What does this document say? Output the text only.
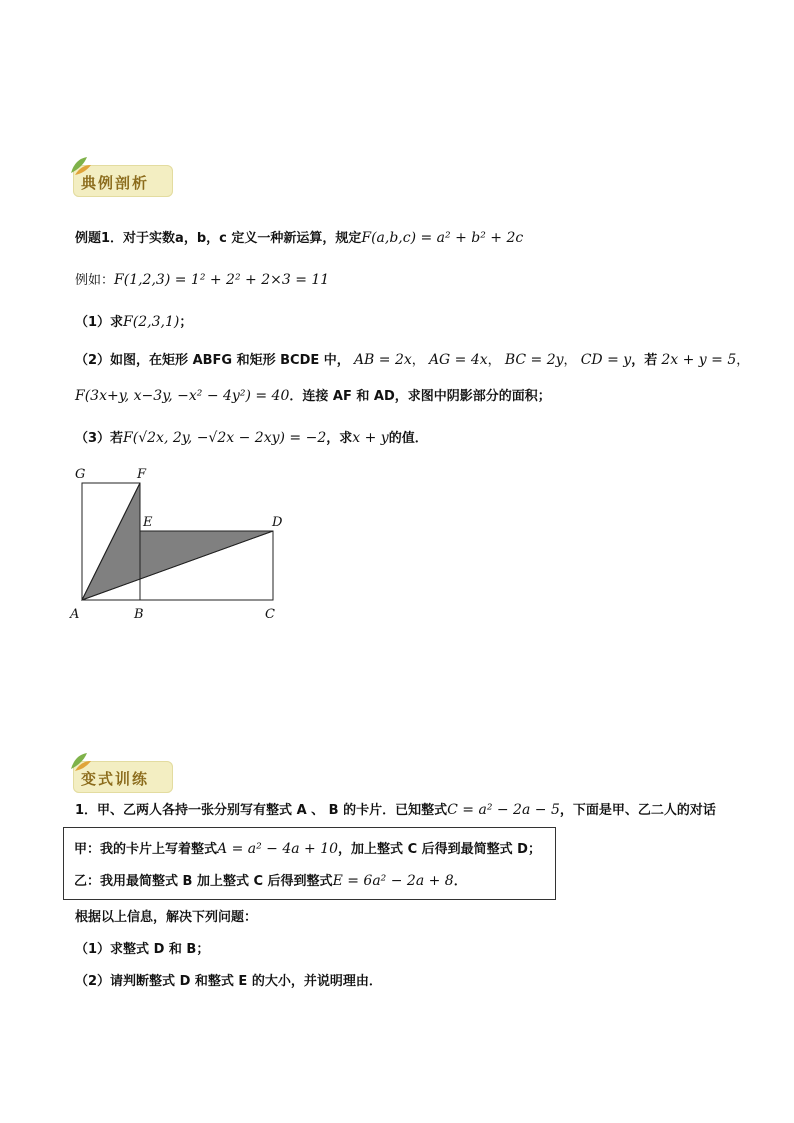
典例剖析
例题1．对于实数a，b，c 定义一种新运算，规定F(a,b,c) = a² + b² + 2c
例如：F(1,2,3) = 1² + 2² + 2×3 = 11
（1）求F(2,3,1)；
（2）如图，在矩形 ABFG 和矩形 BCDE 中， AB = 2x， AG = 4x， BC = 2y， CD = y，若 2x + y = 5，
F(3x+y, x−3y, −x² − 4y²) = 40．连接 AF 和 AD，求图中阴影部分的面积；
（3）若F(√2x, 2y, −√2x − 2xy) = −2，求x + y的值．
G	F
E	D
A	B	C
变式训练
1．甲、乙两人各持一张分别写有整式 A 、 B 的卡片．已知整式C = a² − 2a − 5，下面是甲、乙二人的对话
甲：我的卡片上写着整式A = a² − 4a + 10，加上整式 C 后得到最简整式 D；
乙：我用最简整式 B 加上整式 C 后得到整式E = 6a² − 2a + 8．
根据以上信息，解决下列问题：
（1）求整式 D 和 B；
（2）请判断整式 D 和整式 E 的大小，并说明理由．
